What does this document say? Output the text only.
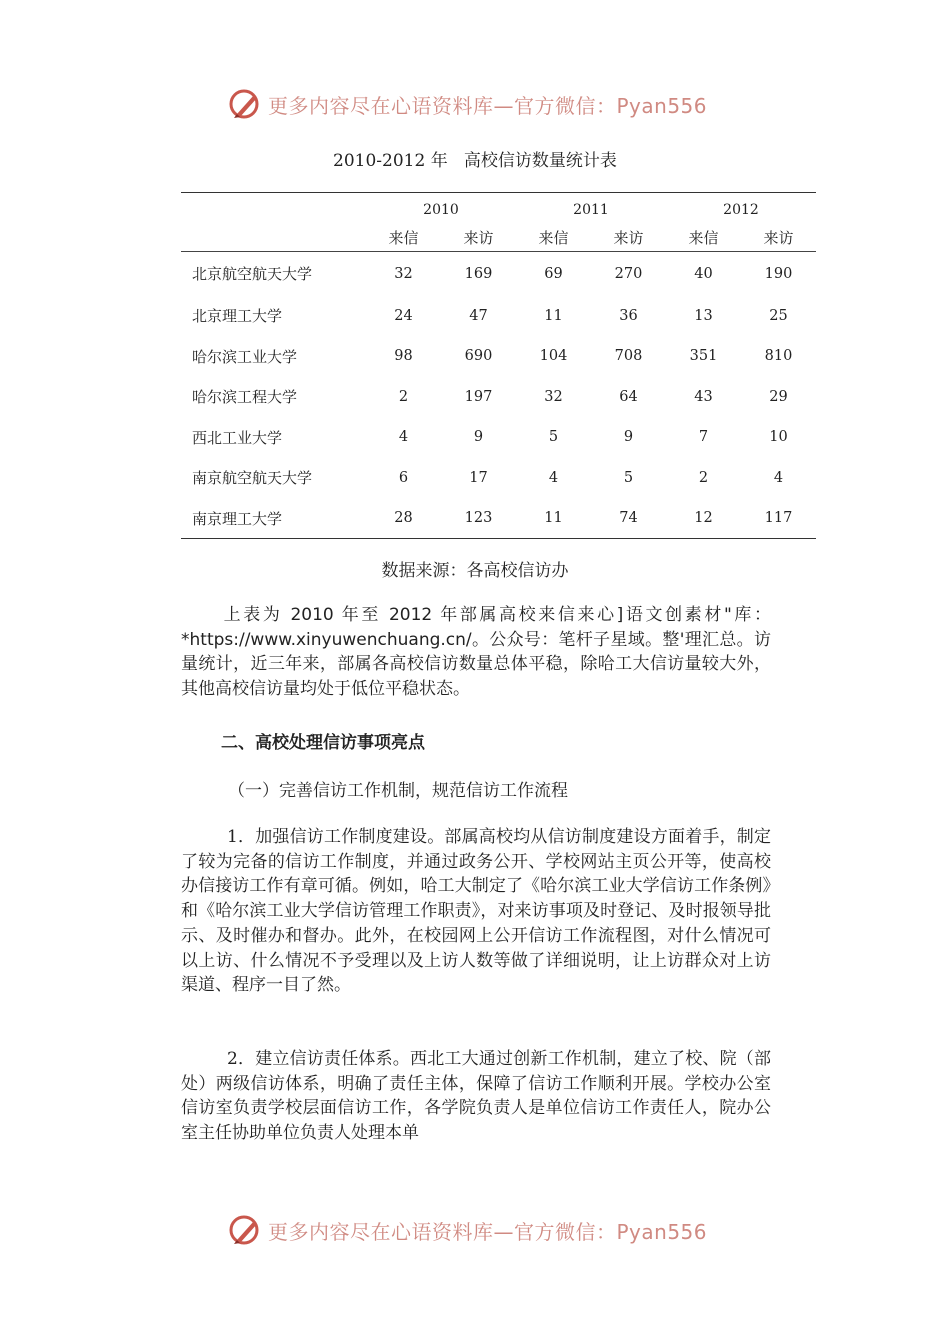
更多内容尽在心语资料库—官方微信：Pyan556
2010-2012 年   高校信访数量统计表
	2010		2011		2012	
	来信	来访	来信	来访	来信	来访
北京航空航天大学	32	169	69	270	40	190
北京理工大学	24	47	11	36	13	25
哈尔滨工业大学	98	690	104	708	351	810
哈尔滨工程大学	2	197	32	64	43	29
西北工业大学	4	9	5	9	7	10
南京航空航天大学	6	17	4	5	2	4
南京理工大学	28	123	11	74	12	117
数据来源：各高校信访办

上表为 2010 年至 2012 年部属高校来信来心]语文创素材"库：*https://www.xinyuwenchuang.cn/。公众号：笔杆子星域。整'理汇总。访量统计，近三年来，部属各高校信访数量总体平稳，除哈工大信访量较大外，其他高校信访量均处于低位平稳状态。

二、高校处理信访事项亮点
（一）完善信访工作机制，规范信访工作流程

1．加强信访工作制度建设。部属高校均从信访制度建设方面着手，制定了较为完备的信访工作制度，并通过政务公开、学校网站主页公开等，使高校办信接访工作有章可循。例如，哈工大制定了《哈尔滨工业大学信访工作条例》和《哈尔滨工业大学信访管理工作职责》，对来访事项及时登记、及时报领导批示、及时催办和督办。此外，在校园网上公开信访工作流程图，对什么情况可以上访、什么情况不予受理以及上访人数等做了详细说明，让上访群众对上访渠道、程序一目了然。

2．建立信访责任体系。西北工大通过创新工作机制，建立了校、院（部处）两级信访体系，明确了责任主体，保障了信访工作顺利开展。学校办公室信访室负责学校层面信访工作，各学院负责人是单位信访工作责任人，院办公室主任协助单位负责人处理本单

更多内容尽在心语资料库—官方微信：Pyan556
